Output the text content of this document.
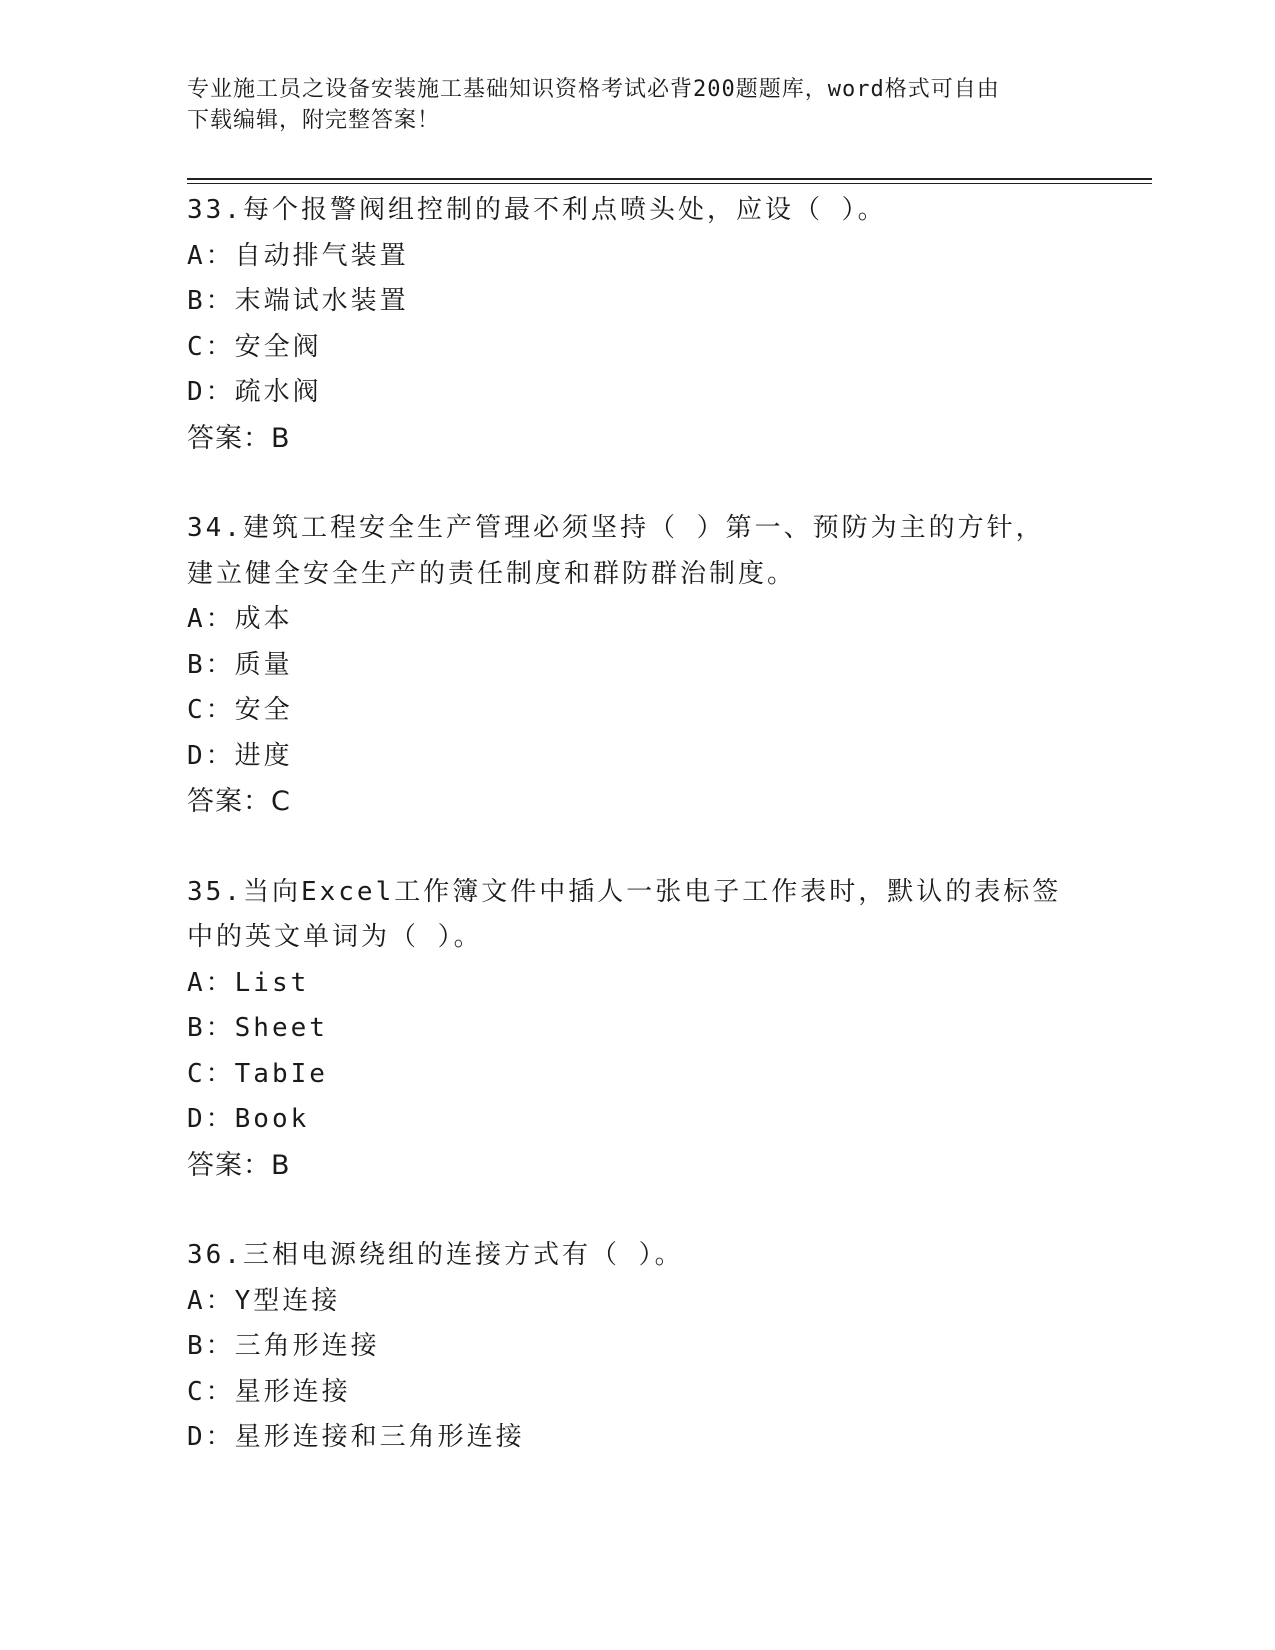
专业施工员之设备安装施工基础知识资格考试必背200题题库，word格式可自由
下载编辑，附完整答案！
33.每个报警阀组控制的最不利点喷头处，应设（ ）。
A：自动排气装置
B：末端试水装置
C：安全阀
D：疏水阀
答案：B
34.建筑工程安全生产管理必须坚持（ ）第一、预防为主的方针，建立健全安全生产的责任制度和群防群治制度。
A：成本
B：质量
C：安全
D：进度
答案：C
35.当向Excel工作簿文件中插人一张电子工作表时，默认的表标签中的英文单词为（ ）。
A：List
B：Sheet
C：TabIe
D：Book
答案：B
36.三相电源绕组的连接方式有（ ）。
A：Y型连接
B：三角形连接
C：星形连接
D：星形连接和三角形连接
